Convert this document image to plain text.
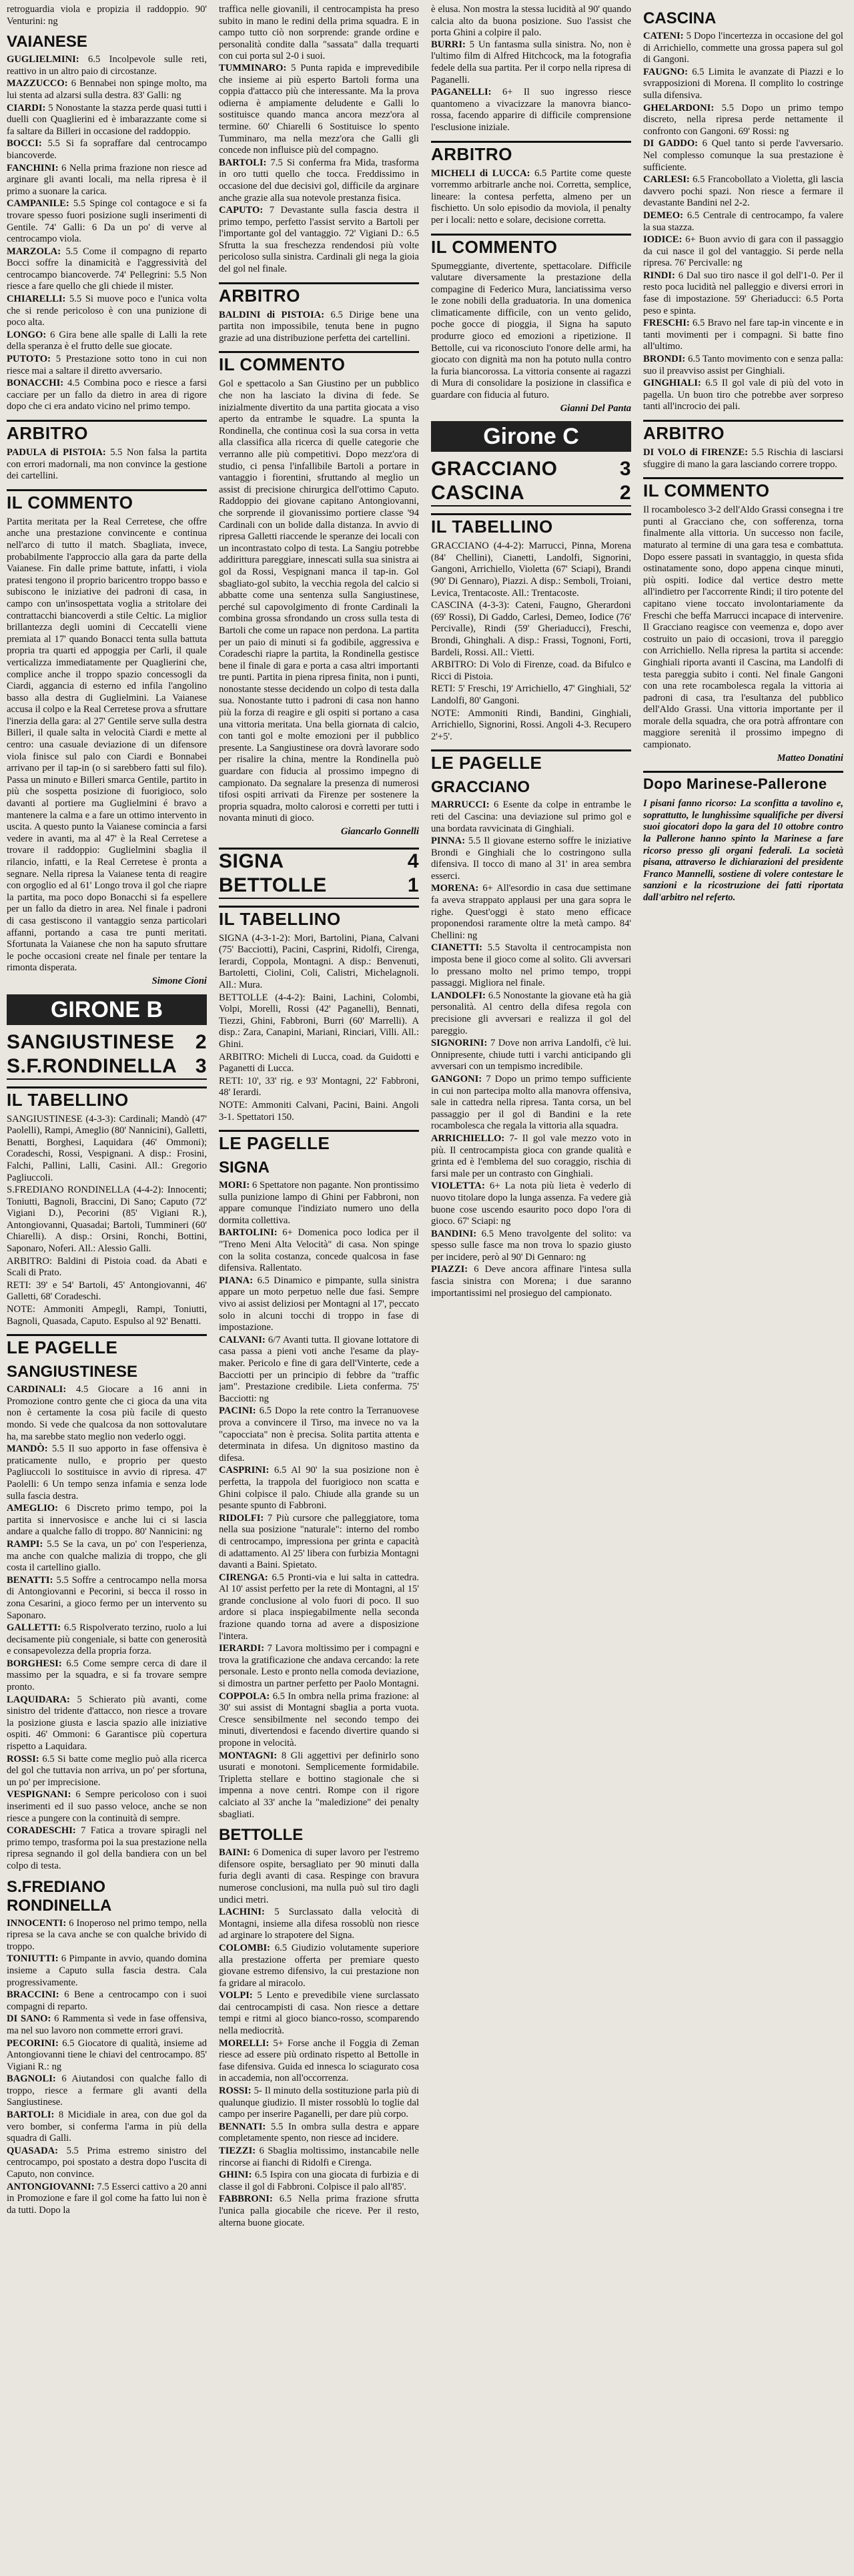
retroguardia viola e propizia il raddoppio. 90' Venturini: ng

VAIANESE

GUGLIELMINI: 6.5 Incolpevole sulle reti, reattivo in un altro paio di circostanze.

MAZZUCCO: 6 Bennabei non spinge molto, ma lui stenta ad alzarsi sulla destra. 83' Galli: ng

CIARDI: 5 Nonostante la stazza perde quasi tutti i duelli con Quaglierini ed è imbarazzante come si fa saltare da Billeri in occasione del raddoppio.

BOCCI: 5.5 Si fa sopraffare dal centrocampo biancoverde.

FANCHINI: 6 Nella prima frazione non riesce ad arginare gli avanti locali, ma nella ripresa è il primo a suonare la carica.

CAMPANILE: 5.5 Spinge col contagoce e si fa trovare spesso fuori posizione sugli inserimenti di Gentile. 74' Galli: 6 Da un po' di verve al centrocampo viola.

MARZOLA: 5.5 Come il compagno di reparto Bocci soffre la dinamicità e l'aggressività del centrocampo biancoverde. 74' Pellegrini: 5.5 Non riesce a fare quello che gli chiede il mister.

CHIARELLI: 5.5 Si muove poco e l'unica volta che si rende pericoloso è con una punizione di poco alta.

LONGO: 6 Gira bene alle spalle di Lalli la rete della speranza è el frutto delle sue giocate.

PUTOTO: 5 Prestazione sotto tono in cui non riesce mai a saltare il diretto avversario.

BONACCHI: 4.5 Combina poco e riesce a farsi cacciare per un fallo da dietro in area di rigore dopo che ci era andato vicino nel primo tempo.

ARBITRO

PADULA di PISTOIA: 5.5 Non falsa la partita con errori madornali, ma non convince la gestione dei cartellini.

IL COMMENTO

Partita meritata per la Real Cerretese, che offre anche una prestazione convincente e continua nell'arco di tutto il match. Sbagliata, invece, probabilmente l'approccio alla gara da parte della Vaianese. Fin dalle prime battute, infatti, i viola pratesi tengono il proprio baricentro troppo basso e subiscono le iniziative dei padroni di casa, in campo con un'insospettata voglia a stritolare dei contrattacchi biancoverdi a stile Celtic. La miglior brillantezza degli uomini di Ceccatelli viene premiata al 17' quando Bonacci tenta sulla battuta propria tra quarti ed appoggia per Carli, il quale verticalizza immediatamente per Quaglierini che, complice anche il troppo spazio concessogli da Ciardi, aggancia di esterno ed infila l'angolino basso alla destra di Guglielmini. La Vaianese accusa il colpo e la Real Cerretese prova a sfruttare l'inerzia della gara: al 27' Gentile serve sulla destra Billeri, il quale salta in velocità Ciardi e mette al centro: una casuale deviazione di un difensore viola finisce sul palo con Ciardi e Bonnabei arrivano per il tap-in (o si sarebbero fatti sul filo). Passa un minuto e Billeri smarca Gentile, partito in più che sospetta posizione di fuorigioco, solo davanti al portiere ma Guglielmini é bravo a mantenere la calma e a fare un ottimo intervento in uscita. A questo punto la Vaianese comincia a farsi vedere in avanti, ma al 47' è la Real Cerretese a trovare il raddoppio: Guglielmini sbaglia il rilancio, infatti, e la Real Cerretese è pronta a segnare. Nella ripresa la Vaianese tenta di reagire con orgoglio ed al 61' Longo trova il gol che riapre la partita, ma poco dopo Bonacchi si fa espellere per un fallo da dietro in area. Nel finale i padroni di casa gestiscono il vantaggio senza particolari affanni, portando a casa tre punti meritati. Sfortunata la Vaianese che non ha saputo sfruttare le poche occasioni create nel finale per tentare la rimonta disperata.

Simone Cioni
GIRONE B
SANGIUSTINESE 2
S.F.RONDINELLA 3
IL TABELLINO

SANGIUSTINESE (4-3-3): Cardinali; Mandò (47' Paolelli), Rampi, Ameglio (80' Nannicini), Galletti, Benatti, Borghesi, Laquidara (46' Ommoni); Coradeschi, Rossi, Vespignani. A disp.: Frosini, Falchi, Pallini, Lalli, Casini. All.: Gregorio Pagliuccoli.

S.FREDIANO RONDINELLA (4-4-2): Innocenti; Toniutti, Bagnoli, Braccini, Di Sano; Caputo (72' Vigiani D.), Pecorini (85' Vigiani R.), Antongiovanni, Quasadai; Bartoli, Tummineri (60' Chiarelli). A disp.: Orsini, Ronchi, Bottini, Saponaro, Noferi. All.: Alessio Galli.

ARBITRO: Baldini di Pistoia coad. da Abati e Scali di Prato.

RETI: 39' e 54' Bartoli, 45' Antongiovanni, 46' Galletti, 68' Coradeschi.

NOTE: Ammoniti Ampegli, Rampi, Toniutti, Bagnoli, Quasada, Caputo. Espulso al 92' Benatti.

LE PAGELLE
SANGIUSTINESE

CARDINALI: 4.5 Giocare a 16 anni in Promozione contro gente che ci gioca da una vita non è certamente la cosa più facile di questo mondo. Si vede che qualcosa da non sottovalutare ha, ma sarebbe stato meglio non vederlo oggi.

MANDÒ: 5.5 Il suo apporto in fase offensiva è praticamente nullo, e proprio per questo Pagliuccoli lo sostituisce in avvio di ripresa. 47' Paolelli: 6 Un tempo senza infamia e senza lode sulla fascia destra.

AMEGLIO: 6 Discreto primo tempo, poi la partita si innervosisce e anche lui ci si lascia andare a qualche fallo di troppo. 80' Nannicini: ng

RAMPI: 5.5 Se la cava, un po' con l'esperienza, ma anche con qualche malizia di troppo, che gli costa il cartellino giallo.

BENATTI: 5.5 Soffre a centrocampo nella morsa di Antongiovanni e Pecorini, si becca il rosso in zona Cesarini, a gioco fermo per un intervento su Saponaro.

GALLETTI: 6.5 Rispolverato terzino, ruolo a lui decisamente più congeniale, si batte con generosità e consapevolezza della propria forza.

BORGHESI: 6.5 Come sempre cerca di dare il massimo per la squadra, e si fa trovare sempre pronto.

LAQUIDARA: 5 Schierato più avanti, come sinistro del tridente d'attacco, non riesce a trovare la posizione giusta e lascia spazio alle iniziative ospiti. 46' Ommoni: 6 Garantisce più copertura rispetto a Laquidara.

ROSSI: 6.5 Si batte come meglio può alla ricerca del gol che tuttavia non arriva, un po' per sfortuna, un po' per imprecisione.

VESPIGNANI: 6 Sempre pericoloso con i suoi inserimenti ed il suo passo veloce, anche se non riesce a pungere con la continuità di sempre.

CORADESCHI: 7 Fatica a trovare spiragli nel primo tempo, trasforma poi la sua prestazione nella ripresa segnando il gol della bandiera con un bel colpo di testa.

S.FREDIANO RONDINELLA

INNOCENTI: 6 Inoperoso nel primo tempo, nella ripresa se la cava anche se con qualche brivido di troppo.

TONIUTTI: 6 Pimpante in avvio, quando domina insieme a Caputo sulla fascia destra. Cala progressivamente.

BRACCINI: 6 Bene a centrocampo con i suoi compagni di reparto.

DI SANO: 6 Rammenta sì vede in fase offensiva, ma nel suo lavoro non commette errori gravi.

PECORINI: 6.5 Giocatore di qualità, insieme ad Antongiovanni tiene le chiavi del centrocampo. 85' Vigiani R.: ng

BAGNOLI: 6 Aiutandosi con qualche fallo di troppo, riesce a fermare gli avanti della Sangiustinese.

BARTOLI: 8 Micidiale in area, con due gol da vero bomber, si conferma l'arma in più della squadra di Galli.

QUASADA: 5.5 Prima estremo sinistro del centrocampo, poi spostato a destra dopo l'uscita di Caputo, non convince.

ANTONGIOVANNI: 7.5 Esserci cattivo a 20 anni in Promozione e fare il gol come ha fatto lui non è da tutti. Dopo la

traffica nelle giovanili, il centrocampista ha preso subito in mano le redini della prima squadra. E in campo tutto ciò non sorprende: grande ordine e personalità condite dalla "sassata" dalla trequarti con cui porta sul 2-0 i suoi.

TUMMINARO: 5 Punta rapida e imprevedibile che insieme ai più esperto Bartoli forma una coppia d'attacco più che interessante. Ma la prova odierna è ampiamente deludente e Galli lo sostituisce quando manca ancora mezz'ora al termine. 60' Chiarelli 6 Sostituisce lo spento Tumminaro, ma nella mezz'ora che Galli gli concede non influisce più del compagno.

BARTOLI: 7.5 Si conferma fra Mida, trasforma in oro tutti quello che tocca. Freddissimo in occasione del due decisivi gol, difficile da arginare anche grazie alla sua notevole prestanza fisica.

CAPUTO: 7 Devastante sulla fascia destra il primo tempo, perfetto l'assist servito a Bartoli per l'importante gol del vantaggio. 72' Vigiani D.: 6.5 Sfrutta la sua freschezza rendendosi più volte pericoloso sulla sinistra. Cardinali gli nega la gioia del gol nel finale.

ARBITRO

BALDINI di PISTOIA: 6.5 Dirige bene una partita non impossibile, tenuta bene in pugno grazie ad una distribuzione perfetta dei cartellini.

IL COMMENTO

Gol e spettacolo a San Giustino per un pubblico che non ha lasciato la divina di fede. Se inizialmente divertito da una partita giocata a viso aperto da entrambe le squadre. La spunta la Rondinella, che continua così la sua corsa in vetta alla classifica alla ricerca di quelle categorie che verranno alle più competitivi. Dopo mezz'ora di studio, ci pensa l'infallibile Bartoli a portare in vantaggio i fiorentini, sfruttando al meglio un assist di precisione chirurgica dell'ottimo Caputo. Raddoppio dei giovane capitano Antongiovanni, che sorprende il giovanissimo portiere classe '94 Cardinali con un bolide dalla distanza. In avvio di ripresa Galletti riaccende le speranze dei locali con un incontrastato colpo di testa. La Sangiu potrebbe addirittura pareggiare, innescati sulla sua sinistra ai gol da Rossi, Vespignani manca il tap-in. Gol sbagliato-gol subito, la vecchia regola del calcio si abbatte come una sentenza sulla Sangiustinese, perché sul capovolgimento di fronte Cardinali la combina grossa sfrondando un cross sulla testa di Bartoli che come un rapace non perdona. La partita per un paio di minuti si fa godibile, aggressiva e Coradeschi riapre la partita, la Rondinella gestisce bene il finale di gara e porta a casa altri importanti tre punti. Partita in piena ripresa finita, non i punti, nonostante stesse decidendo un colpo di testa dalla sua. Nonostante tutto i padroni di casa non hanno più la forza di reagire e gli ospiti si portano a casa una vittoria meritata. Una bella giornata di calcio, con tanti gol e molte emozioni per il pubblico presente. La Sangiustinese ora dovrà lavorare sodo per risalire la china, mentre la Rondinella può guardare con fiducia al prossimo impegno di campionato. Da segnalare la presenza di numerosi tifosi ospiti arrivati da Firenze per sostenere la propria squadra, molto calorosi e corretti per tutti i novanta minuti di gioco.

Giancarlo Gonnelli
SIGNA	4
BETTOLLE	1
IL TABELLINO

SIGNA (4-3-1-2): Mori, Bartolini, Piana, Calvani (75' Bacciotti), Pacini, Casprini, Ridolfi, Cirenga, Ierardi, Coppola, Montagni. A disp.: Benvenuti, Bartoletti, Ciolini, Coli, Calistri, Michelagnoli. All.: Mura.

BETTOLLE (4-4-2): Baini, Lachini, Colombi, Volpi, Morelli, Rossi (42' Paganelli), Bennati, Tiezzi, Ghini, Fabbroni, Burri (60' Marrelli). A disp.: Zara, Canapini, Mariani, Rinciari, Villi. All.: Ghini.

ARBITRO: Micheli di Lucca, coad. da Guidotti e Paganetti di Lucca.

RETI: 10', 33' rig. e 93' Montagni, 22' Fabbroni, 48' Ierardi.

NOTE: Ammoniti Calvani, Pacini, Baini. Angoli 3-1. Spettatori 150.

LE PAGELLE
SIGNA

MORI: 6 Spettatore non pagante. Non prontissimo sulla punizione lampo di Ghini per Fabbroni, non appare comunque l'indiziato numero uno della dormita collettiva.

BARTOLINI: 6+ Domenica poco lodica per il "Treno Meni Alta Velocità" di casa. Non spinge con la solita costanza, concede qualcosa in fase difensiva. Rallentato.

PIANA: 6.5 Dinamico e pimpante, sulla sinistra appare un moto perpetuo nelle due fasi. Sempre vivo ai assist deliziosi per Montagni al 17', peccato solo in alcuni tocchi di troppo in fase di impostazione.

CALVANI: 6/7 Avanti tutta. Il giovane lottatore di casa passa a pieni voti anche l'esame da play-maker. Pericolo e fine di gara dell'Vinterte, cede a Bacciotti per un principio di febbre da "traffic jam". Prestazione credibile. Lieta conferma. 75' Bacciotti: ng

PACINI: 6.5 Dopo la rete contro la Terranuovese prova a convincere il Tirso, ma invece no va la "capocciata" non è precisa. Solita partita attenta e determinata in difesa. Un dignitoso mastino da difesa.

CASPRINI: 6.5 Al 90' la sua posizione non è perfetta, la trappola del fuorigioco non scatta e Ghini colpisce il palo. Chiude alla grande su un pesante spunto di Fabbroni.

RIDOLFI: 7 Più cursore che palleggiatore, toma nella sua posizione "naturale": interno del rombo di centrocampo, impressiona per grinta e capacità di adattamento. Al 25' libera con furbizia Montagni davanti a Baini. Spietato.

CIRENGA: 6.5 Pronti-via e lui salta in cattedra. Al 10' assist perfetto per la rete di Montagni, al 15' grande conclusione al volo fuori di poco. Il suo ardore si placa inspiegabilmente nella seconda frazione quando torna ad avere a disposizione l'intera.

IERARDI: 7 Lavora moltissimo per i compagni e trova la gratificazione che andava cercando: la rete personale. Lesto e pronto nella comoda deviazione, si dimostra un partner perfetto per Paolo Montagni.

COPPOLA: 6.5 In ombra nella prima frazione: al 30' sui assist di Montagni sbaglia a porta vuota. Cresce sensibilmente nel secondo tempo dei minuti, divertendosi e facendo divertire quando si propone in velocità.

MONTAGNI: 8 Gli aggettivi per definirlo sono usurati e monotoni. Semplicemente formidabile. Tripletta stellare e bottino stagionale che si impenna a nove centri. Rompe con il rigore calciato al 33' anche la "maledizione" dei penalty sbagliati.

BETTOLLE

BAINI: 6 Domenica di super lavoro per l'estremo difensore ospite, bersagliato per 90 minuti dalla furia degli avanti di casa. Respinge con bravura numerose conclusioni, ma nulla può sul tiro dagli undici metri.

LACHINI: 5 Surclassato dalla velocità di Montagni, insieme alla difesa rossoblù non riesce ad arginare lo strapotere del Signa.

COLOMBI: 6.5 Giudizio volutamente superiore alla prestazione offerta per premiare questo giovane estremo difensivo, la cui prestazione non fa gridare al miracolo.

VOLPI: 5 Lento e prevedibile viene surclassato dai centrocampisti di casa. Non riesce a dettare tempi e ritmi al gioco bianco-rosso, scomparendo nella mediocrità.

MORELLI: 5+ Forse anche il Foggia di Zeman riesce ad essere più ordinato rispetto al Bettolle in fase difensiva. Guida ed innesca lo sciagurato cosa in accademia, non all'occorrenza.

ROSSI: 5- Il minuto della sostituzione parla più di qualunque giudizio. Il mister rossoblù lo toglie dal campo per inserire Paganelli, per dare più corpo.

BENNATI: 5.5 In ombra sulla destra e appare completamente spento, non riesce ad incidere.

TIEZZI: 6 Sbaglia moltissimo, instancabile nelle rincorse ai fianchi di Ridolfi e Cirenga.

GHINI: 6.5 Ispira con una giocata di furbizia e di classe il gol di Fabbroni. Colpisce il palo all'85'.

FABBRONI: 6.5 Nella prima frazione sfrutta l'unica palla giocabile che riceve. Per il resto, alterna buone giocate.

è elusa. Non mostra la stessa lucidità al 90' quando calcia alto da buona posizione. Suo l'assist che porta Ghini a colpire il palo.

BURRI: 5 Un fantasma sulla sinistra. No, non è l'ultimo film di Alfred Hitchcock, ma la fotografia fedele della sua partita. Per il corpo nella ripresa di Paganelli.

PAGANELLI: 6+ Il suo ingresso riesce quantomeno a vivacizzare la manovra bianco-rossa, facendo apparire di difficile comprensione l'esclusione iniziale.

ARBITRO

MICHELI di LUCCA: 6.5 Partite come queste vorremmo arbitrarle anche noi. Corretta, semplice, lineare: la contesa perfetta, almeno per un fischietto. Un solo episodio da moviola, il penalty per i locali: netto e solare, decisione corretta.

IL COMMENTO

Spumeggiante, divertente, spettacolare. Difficile valutare diversamente la prestazione della compagine di Federico Mura, lanciatissima verso le zone nobili della graduatoria. In una domenica climaticamente difficile, con un vento gelido, poche gocce di pioggia, il Signa ha saputo produrre gioco ed emozioni a ripetizione. Il Bettolle, cui va riconosciuto l'onore delle armi, ha giocato con dignità ma non ha potuto nulla contro la furia biancorossa. La vittoria consente ai ragazzi di Mura di consolidare la posizione in classifica e guardare con fiducia al futuro.

Gianni Del Panta
Girone C
GRACCIANO	3
CASCINA	2
IL TABELLINO

GRACCIANO (4-4-2): Marrucci, Pinna, Morena (84' Chellini), Cianetti, Landolfi, Signorini, Gangoni, Arrichiello, Violetta (67' Sciapi), Brandi (90' Di Gennaro), Piazzi. A disp.: Semboli, Troiani, Levica, Trentacoste. All.: Trentacoste.

CASCINA (4-3-3): Cateni, Faugno, Gherardoni (69' Rossi), Di Gaddo, Carlesi, Demeo, Iodice (76' Percivalle), Rindi (59' Gheriaducci), Freschi, Brondi, Ghinghali. A disp.: Frassi, Tognoni, Forti, Bardeli, Rossi. All.: Vietti.

ARBITRO: Di Volo di Firenze, coad. da Bifulco e Ricci di Pistoia.

RETI: 5' Freschi, 19' Arrichiello, 47' Ginghiali, 52' Landolfi, 80' Gangoni.

NOTE: Ammoniti Rindi, Bandini, Ginghiali, Arrichiello, Signorini, Rossi. Angoli 4-3. Recupero 2'+5'.

LE PAGELLE
GRACCIANO

MARRUCCI: 6 Esente da colpe in entrambe le reti del Cascina: una deviazione sul primo gol e una bordata ravvicinata di Ginghiali.

PINNA: 5.5 Il giovane esterno soffre le iniziative Brondi e Ginghiali che lo costringono sulla difensiva. Il tocco di mano al 31' in area sembra esserci.

MORENA: 6+ All'esordio in casa due settimane fa aveva strappato applausi per una gara sopra le righe. Quest'oggi è stato meno efficace proponendosi raramente oltre la metà campo. 84' Chellini: ng

CIANETTI: 5.5 Stavolta il centrocampista non imposta bene il gioco come al solito. Gli avversari lo pressano molto nel primo tempo, troppi passaggi. Migliora nel finale.

LANDOLFI: 6.5 Nonostante la giovane età ha già personalità. Al centro della difesa regola con precisione gli avversari e realizza il gol del pareggio.

SIGNORINI: 7 Dove non arriva Landolfi, c'è lui. Onnipresente, chiude tutti i varchi anticipando gli avversari con un tempismo incredibile.

GANGONI: 7 Dopo un primo tempo sufficiente in cui non partecipa molto alla manovra offensiva, sale in cattedra nella ripresa. Tanta corsa, un bel passaggio per il gol di Bandini e la rete rocambolesca che regala la vittoria alla squadra.

ARRICHIELLO: 7- Il gol vale mezzo voto in più. Il centrocampista gioca con grande qualità e grinta ed è l'emblema del suo coraggio, rischia di farsi male per un contrasto con Ginghiali.

VIOLETTA: 6+ La nota più lieta è vederlo di nuovo titolare dopo la lunga assenza. Fa vedere già buone cose uscendo esaurito poco dopo l'ora di gioco. 67' Sciapi: ng

BANDINI: 6.5 Meno travolgente del solito: va spesso sulle fasce ma non trova lo spazio giusto per incidere, però al 90' Di Gennaro: ng

PIAZZI: 6 Deve ancora affinare l'intesa sulla fascia sinistra con Morena; i due saranno importantissimi nel prosieguo del campionato.

CASCINA

CATENI: 5 Dopo l'incertezza in occasione del gol di Arrichiello, commette una grossa papera sul gol di Gangoni.

FAUGNO: 6.5 Limita le avanzate di Piazzi e lo svrapposizioni di Morena. Il complito lo costringe sulla difensiva.

GHELARDONI: 5.5 Dopo un primo tempo discreto, nella ripresa perde nettamente il confronto con Gangoni. 69' Rossi: ng

DI GADDO: 6 Quel tanto si perde l'avversario. Nel complesso comunque la sua prestazione è sufficiente.

CARLESI: 6.5 Francobollato a Violetta, gli lascia davvero pochi spazi. Non riesce a fermare il devastante Bandini nel 2-2.

DEMEO: 6.5 Centrale di centrocampo, fa valere la sua stazza.

IODICE: 6+ Buon avvio di gara con il passaggio da cui nasce il gol del vantaggio. Si perde nella ripresa. 76' Percivalle: ng

RINDI: 6 Dal suo tiro nasce il gol dell'1-0. Per il resto poca lucidità nel palleggio e diversi errori in fase di impostazione. 59' Gheriaducci: 6.5 Porta peso e spinta.

FRESCHI: 6.5 Bravo nel fare tap-in vincente e in tanti movimenti per i compagni. Si batte fino all'ultimo.

BRONDI: 6.5 Tanto movimento con e senza palla: suo il preavviso assist per Ginghiali.

GINGHIALI: 6.5 Il gol vale di più del voto in pagella. Un buon tiro che potrebbe aver sorpreso tanti all'incrocio dei pali.

ARBITRO

DI VOLO di FIRENZE: 5.5 Rischia di lasciarsi sfuggire di mano la gara lasciando correre troppo.

IL COMMENTO

Il rocambolesco 3-2 dell'Aldo Grassi consegna i tre punti al Gracciano che, con sofferenza, torna finalmente alla vittoria. Un successo non facile, maturato al termine di una gara tesa e combattuta. Dopo essere passati in svantaggio, in questa sfida ostinatamente sono, dopo appena cinque minuti, più ospiti. Iodice dal vertice destro mette all'indietro per l'accorrente Rindi; il tiro potente del capitano viene toccato involontariamente da Freschi che beffa Marrucci incapace di intervenire. Il Gracciano reagisce con veemenza e, dopo aver costruito un paio di occasioni, trova il pareggio con Arrichiello. Nella ripresa la partita si accende: Ginghiali riporta avanti il Cascina, ma Landolfi di testa pareggia subito i conti. Nel finale Gangoni con una rete rocambolesca regala la vittoria ai padroni di casa, tra l'esultanza del pubblico dell'Aldo Grassi. Una vittoria importante per il morale della squadra, che ora potrà affrontare con maggiore serenità il prossimo impegno di campionato.

Matteo Donatini
Dopo Marinese-Pallerone

I pisani fanno ricorso: La sconfitta a tavolino e, soprattutto, le lunghissime squalifiche per diversi suoi giocatori dopo la gara del 10 ottobre contro la Pallerone hanno spinto la Marinese a fare ricorso presso gli organi federali. La società pisana, attraverso le dichiarazioni del presidente Franco Mannelli, sostiene di volere contestare le sanzioni e la ricostruzione dei fatti riportata dall'arbitro nel referto.
